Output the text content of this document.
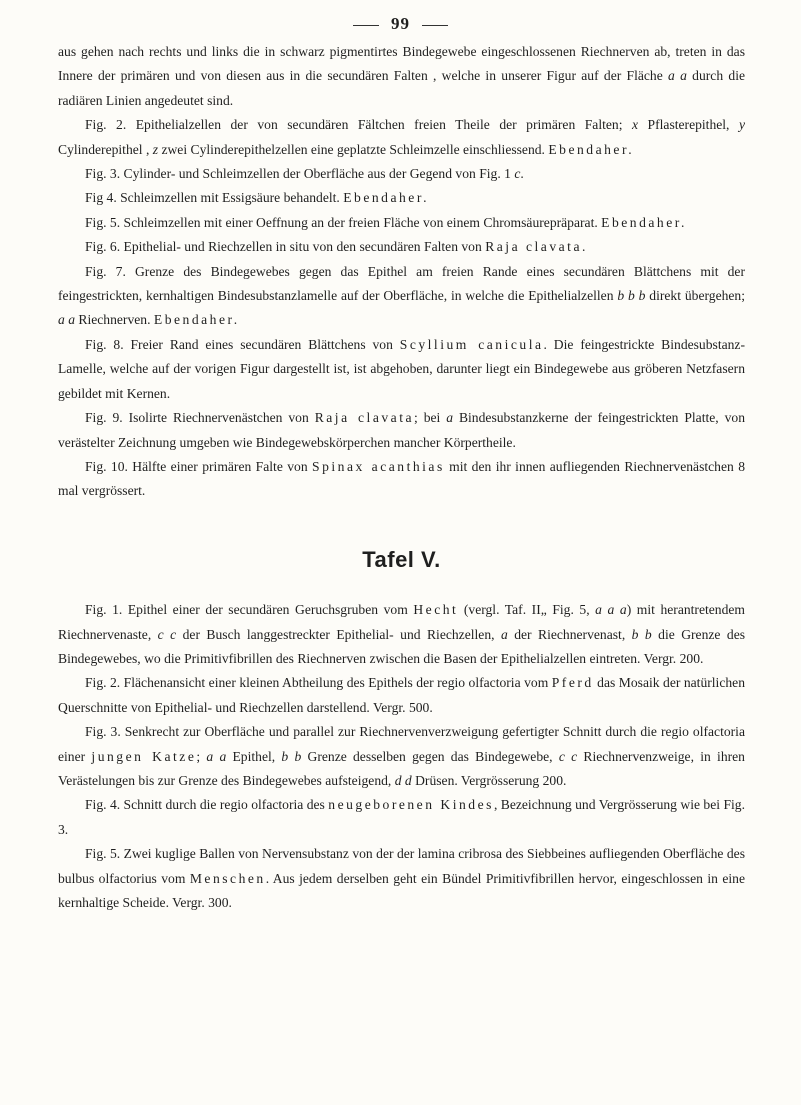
99

aus gehen nach rechts und links die in schwarz pigmentirtes Bindegewebe eingeschlossenen Riechnerven ab, treten in das Innere der primären und von diesen aus in die secundären Falten , welche in unserer Figur auf der Fläche a a durch die radiären Linien angedeutet sind.

Fig. 2. Epithelialzellen der von secundären Fältchen freien Theile der primären Falten; x Pflasterepithel, y Cylinderepithel , z zwei Cylinderepithelzellen eine geplatzte Schleimzelle einschliessend. Ebendaher.

Fig. 3. Cylinder- und Schleimzellen der Oberfläche aus der Gegend von Fig. 1 c.

Fig 4. Schleimzellen mit Essigsäure behandelt. Ebendaher.

Fig. 5. Schleimzellen mit einer Oeffnung an der freien Fläche von einem Chromsäurepräparat. Ebendaher.

Fig. 6. Epithelial- und Riechzellen in situ von den secundären Falten von Raja clavata.

Fig. 7. Grenze des Bindegewebes gegen das Epithel am freien Rande eines secundären Blättchens mit der feingestrickten, kernhaltigen Bindesubstanzlamelle auf der Oberfläche, in welche die Epithelialzellen b b b direkt übergehen; a a Riechnerven. Ebendaher.

Fig. 8. Freier Rand eines secundären Blättchens von Scyllium canicula. Die feingestrickte Bindesubstanz-Lamelle, welche auf der vorigen Figur dargestellt ist, ist abgehoben, darunter liegt ein Bindegewebe aus gröberen Netzfasern gebildet mit Kernen.

Fig. 9. Isolirte Riechnervenästchen von Raja clavata; bei a Bindesubstanzkerne der feingestrickten Platte, von verästelter Zeichnung umgeben wie Bindegewebskörperchen mancher Körpertheile.

Fig. 10. Hälfte einer primären Falte von Spinax acanthias mit den ihr innen aufliegenden Riechnervenästchen 8 mal vergrössert.

Tafel V.

Fig. 1. Epithel einer der secundären Geruchsgruben vom Hecht (vergl. Taf. II„ Fig. 5, a a a) mit herantretendem Riechnervenaste, c c der Busch langgestreckter Epithelial- und Riechzellen, a der Riechnervenast, b b die Grenze des Bindegewebes, wo die Primitivfibrillen des Riechnerven zwischen die Basen der Epithelialzellen eintreten. Vergr. 200.

Fig. 2. Flächenansicht einer kleinen Abtheilung des Epithels der regio olfactoria vom Pferd das Mosaik der natürlichen Querschnitte von Epithelial- und Riechzellen darstellend. Vergr. 500.

Fig. 3. Senkrecht zur Oberfläche und parallel zur Riechnervenverzweigung gefertigter Schnitt durch die regio olfactoria einer jungen Katze; a a Epithel, b b Grenze desselben gegen das Bindegewebe, c c Riechnervenzweige, in ihren Verästelungen bis zur Grenze des Bindegewebes aufsteigend, d d Drüsen. Vergrösserung 200.

Fig. 4. Schnitt durch die regio olfactoria des neugeborenen Kindes, Bezeichnung und Vergrösserung wie bei Fig. 3.

Fig. 5. Zwei kuglige Ballen von Nervensubstanz von der der lamina cribrosa des Siebbeines aufliegenden Oberfläche des bulbus olfactorius vom Menschen. Aus jedem derselben geht ein Bündel Primitivfibrillen hervor, eingeschlossen in eine kernhaltige Scheide. Vergr. 300.
